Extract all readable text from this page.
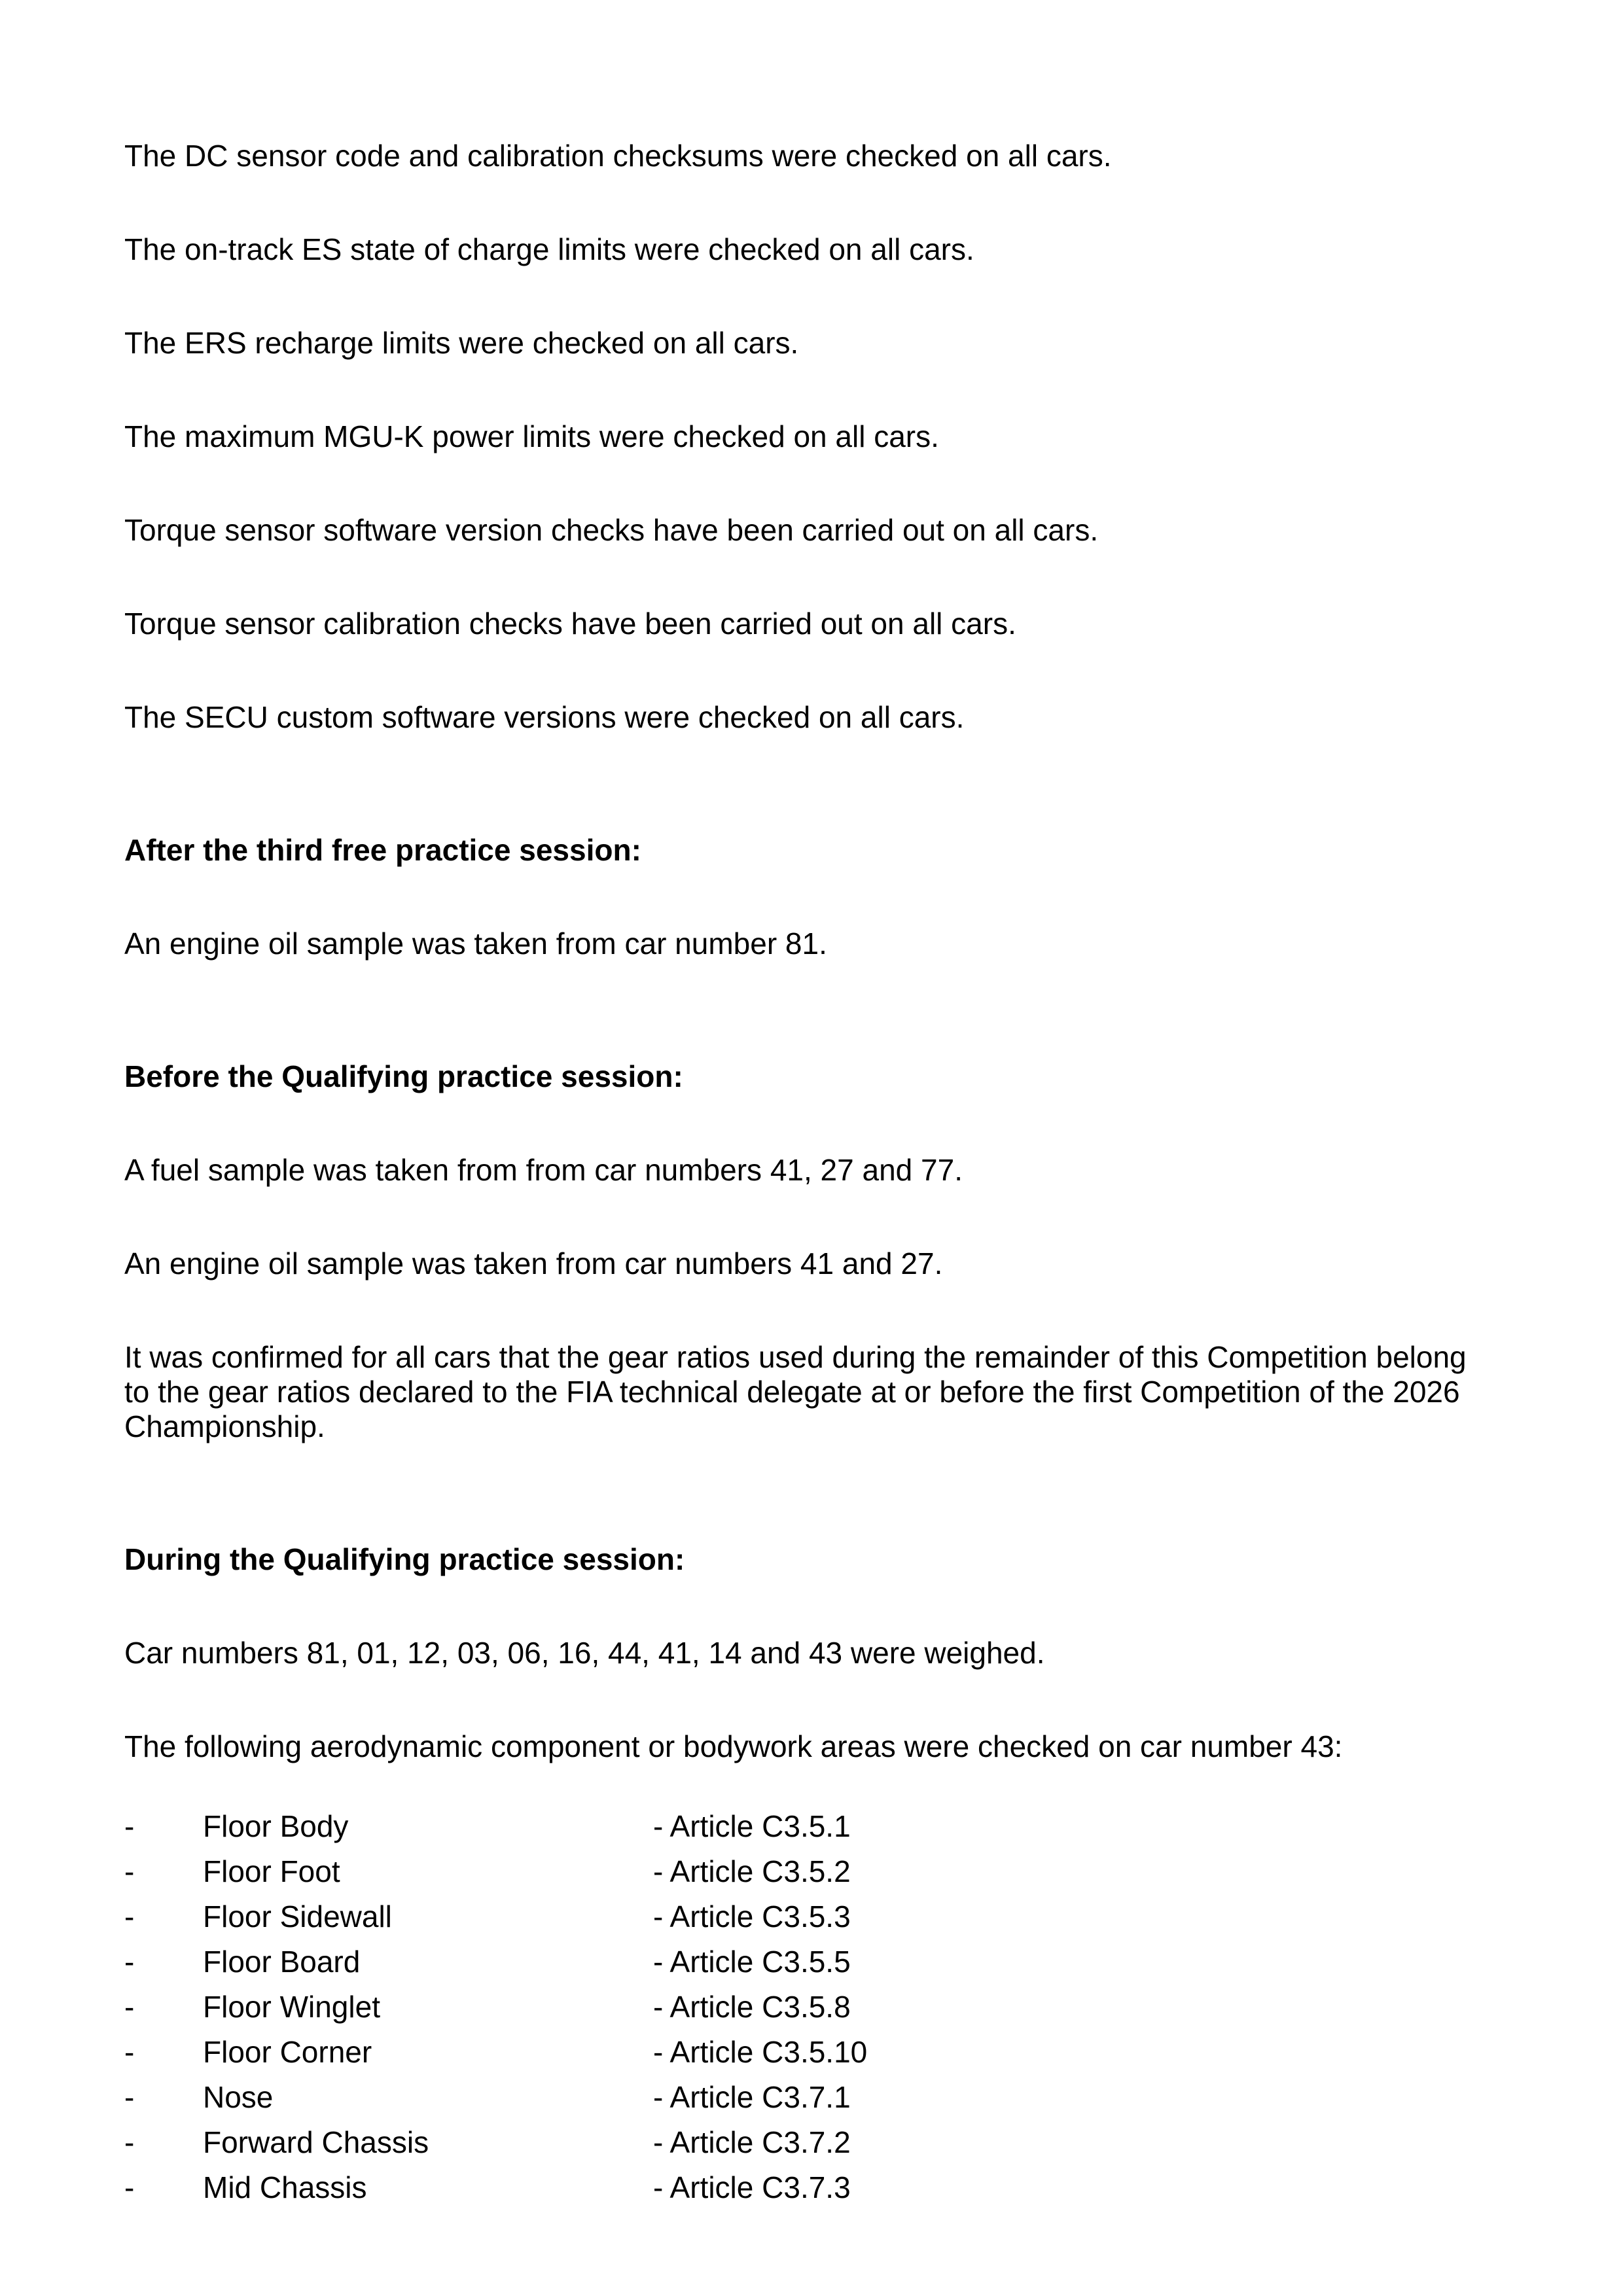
The DC sensor code and calibration checksums were checked on all cars.
The on-track ES state of charge limits were checked on all cars.
The ERS recharge limits were checked on all cars.
The maximum MGU-K power limits were checked on all cars.
Torque sensor software version checks have been carried out on all cars.
Torque sensor calibration checks have been carried out on all cars.
The SECU custom software versions were checked on all cars.
After the third free practice session:
An engine oil sample was taken from car number 81.
Before the Qualifying practice session:
A fuel sample was taken from from car numbers 41, 27 and 77.
An engine oil sample was taken from car numbers 41 and 27.
It was confirmed for all cars that the gear ratios used during the remainder of this Competition belong to the gear ratios declared to the FIA technical delegate at or before the first Competition of the 2026 Championship.
During the Qualifying practice session:
Car numbers 81, 01, 12, 03, 06, 16, 44, 41, 14 and 43 were weighed.
The following aerodynamic component or bodywork areas were checked on car number 43:
-	Floor Body	- Article C3.5.1
-	Floor Foot	- Article C3.5.2
-	Floor Sidewall	- Article C3.5.3
-	Floor Board	- Article C3.5.5
-	Floor Winglet	- Article C3.5.8
-	Floor Corner	- Article C3.5.10
-	Nose	- Article C3.7.1
-	Forward Chassis	- Article C3.7.2
-	Mid Chassis	- Article C3.7.3
